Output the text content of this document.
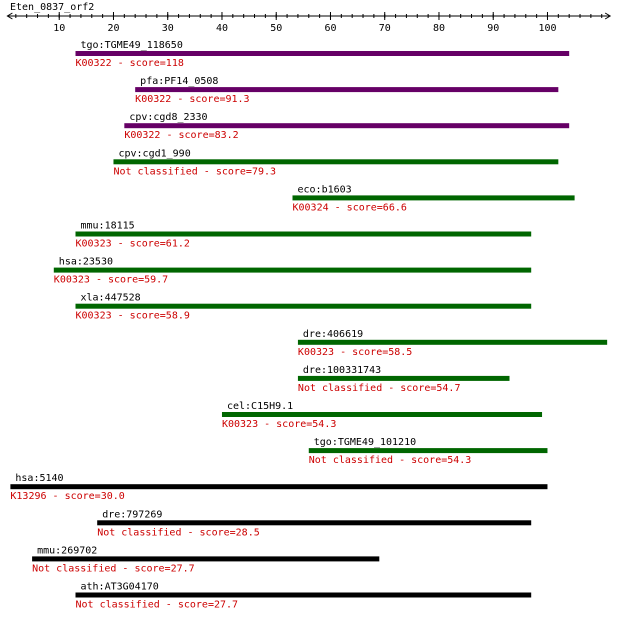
Eten_0837_orf2
10	20	30	40	50	60	70	80	90	100
tgo:TGME49_118650
K00322 - score=118
pfa:PF14_0508
K00322 - score=91.3
cpv:cgd8_2330
K00322 - score=83.2
cpv:cgd1_990
Not classified - score=79.3
eco:b1603
K00324 - score=66.6
mmu:18115
K00323 - score=61.2
hsa:23530
K00323 - score=59.7
xla:447528
K00323 - score=58.9
dre:406619
K00323 - score=58.5
dre:100331743
Not classified - score=54.7
cel:C15H9.1
K00323 - score=54.3
tgo:TGME49_101210
Not classified - score=54.3
hsa:5140
K13296 - score=30.0
dre:797269
Not classified - score=28.5
mmu:269702
Not classified - score=27.7
ath:AT3G04170
Not classified - score=27.7
